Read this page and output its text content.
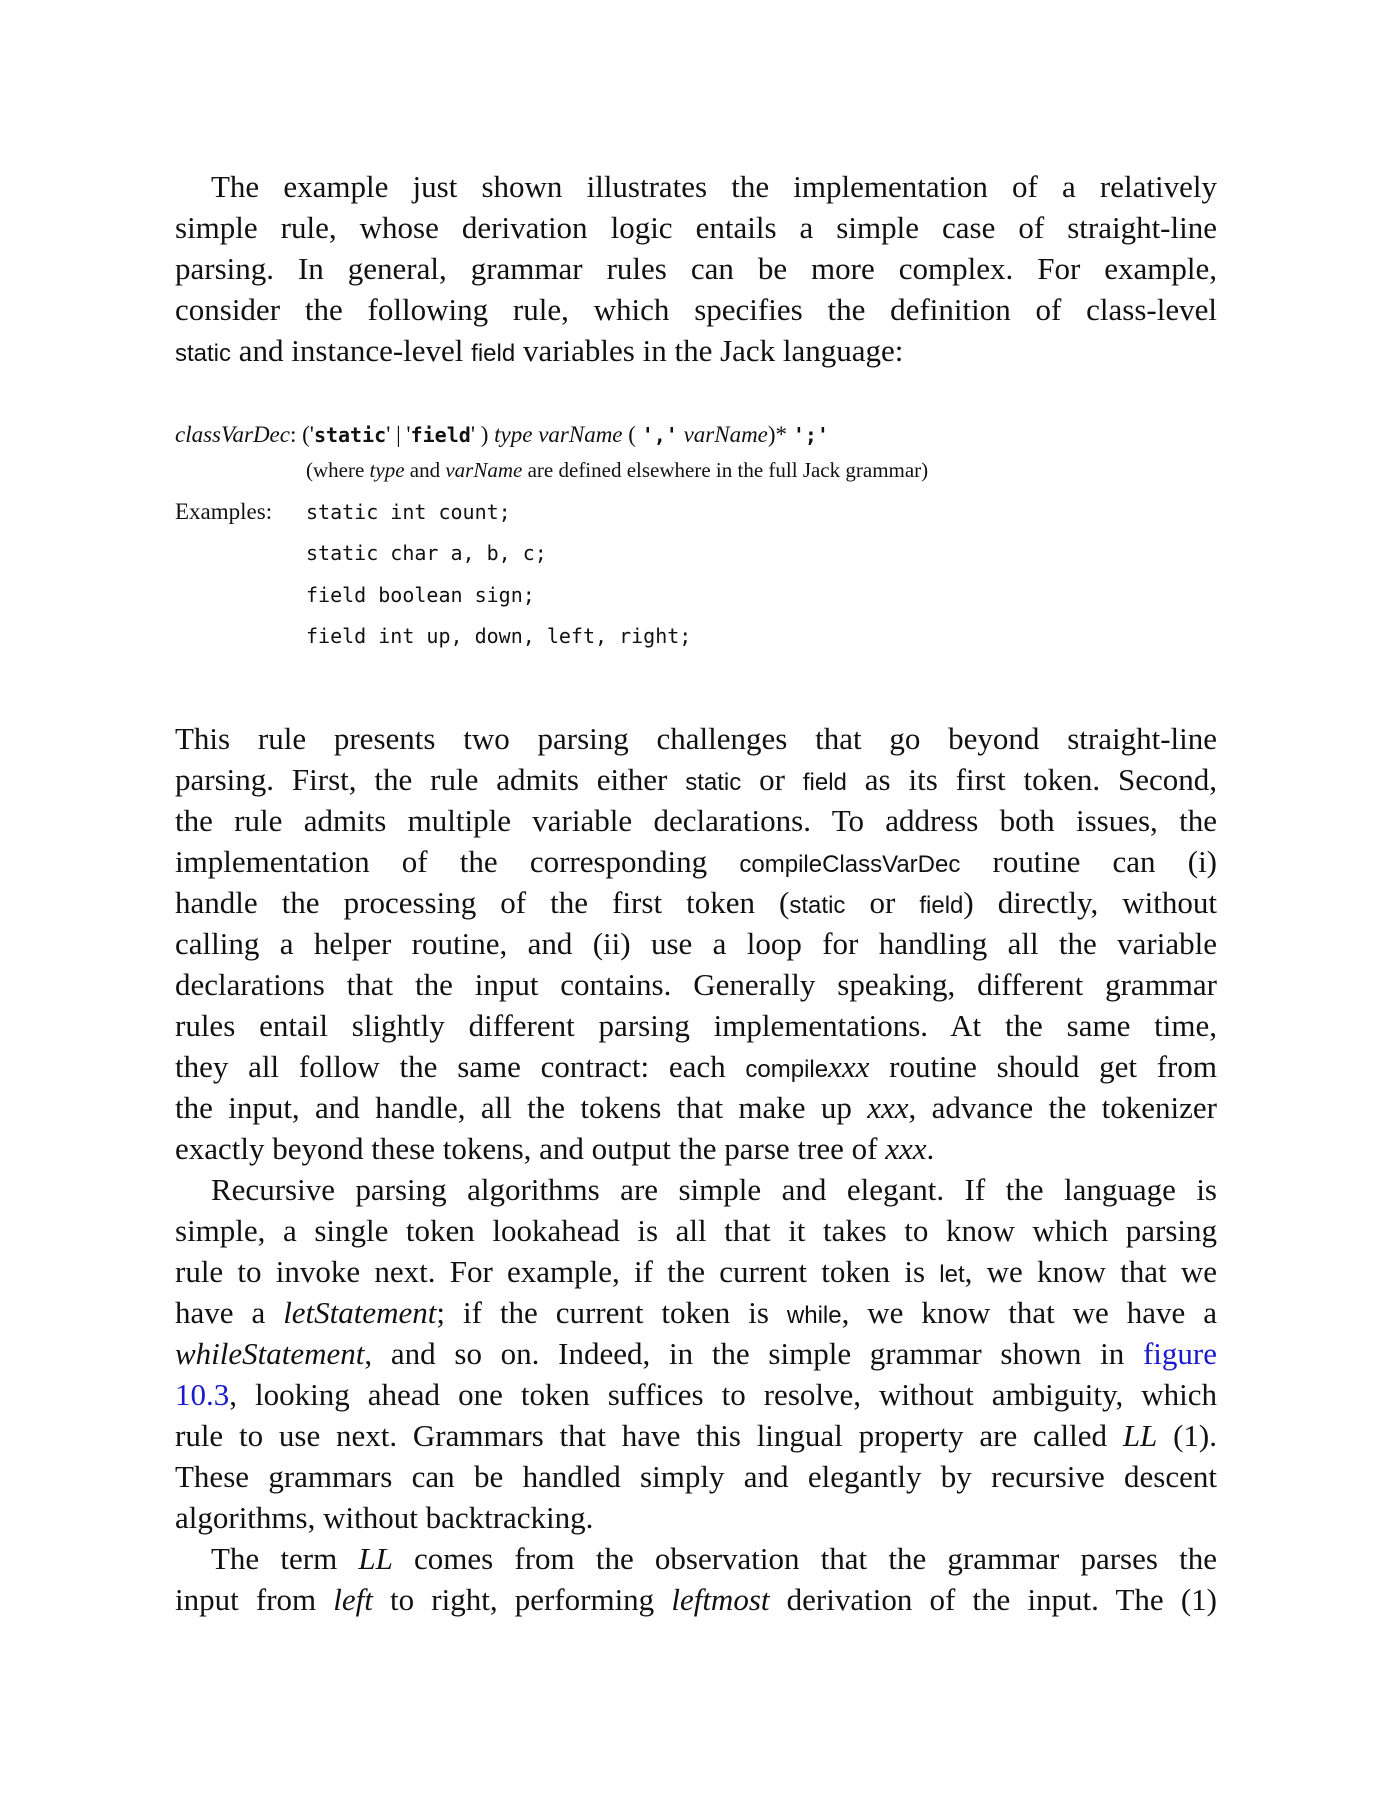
The example just shown illustrates the implementation of a relatively
simple rule, whose derivation logic entails a simple case of straight-line
parsing. In general, grammar rules can be more complex. For example,
consider the following rule, which specifies the definition of class-level
static and instance-level field variables in the Jack language:
classVarDec: ('static' | 'field' ) type varName ( ',' varName)* ';'
(where type and varName are defined elsewhere in the full Jack grammar)
Examples: static int count;
static char a, b, c;
field boolean sign;
field int up, down, left, right;
This rule presents two parsing challenges that go beyond straight-line
parsing. First, the rule admits either static or field as its first token. Second,
the rule admits multiple variable declarations. To address both issues, the
implementation of the corresponding compileClassVarDec routine can (i)
handle the processing of the first token (static or field) directly, without
calling a helper routine, and (ii) use a loop for handling all the variable
declarations that the input contains. Generally speaking, different grammar
rules entail slightly different parsing implementations. At the same time,
they all follow the same contract: each compilexxx routine should get from
the input, and handle, all the tokens that make up xxx, advance the tokenizer
exactly beyond these tokens, and output the parse tree of xxx.
Recursive parsing algorithms are simple and elegant. If the language is
simple, a single token lookahead is all that it takes to know which parsing
rule to invoke next. For example, if the current token is let, we know that we
have a letStatement; if the current token is while, we know that we have a
whileStatement, and so on. Indeed, in the simple grammar shown in figure
10.3, looking ahead one token suffices to resolve, without ambiguity, which
rule to use next. Grammars that have this lingual property are called LL (1).
These grammars can be handled simply and elegantly by recursive descent
algorithms, without backtracking.
The term LL comes from the observation that the grammar parses the
input from left to right, performing leftmost derivation of the input. The (1)
